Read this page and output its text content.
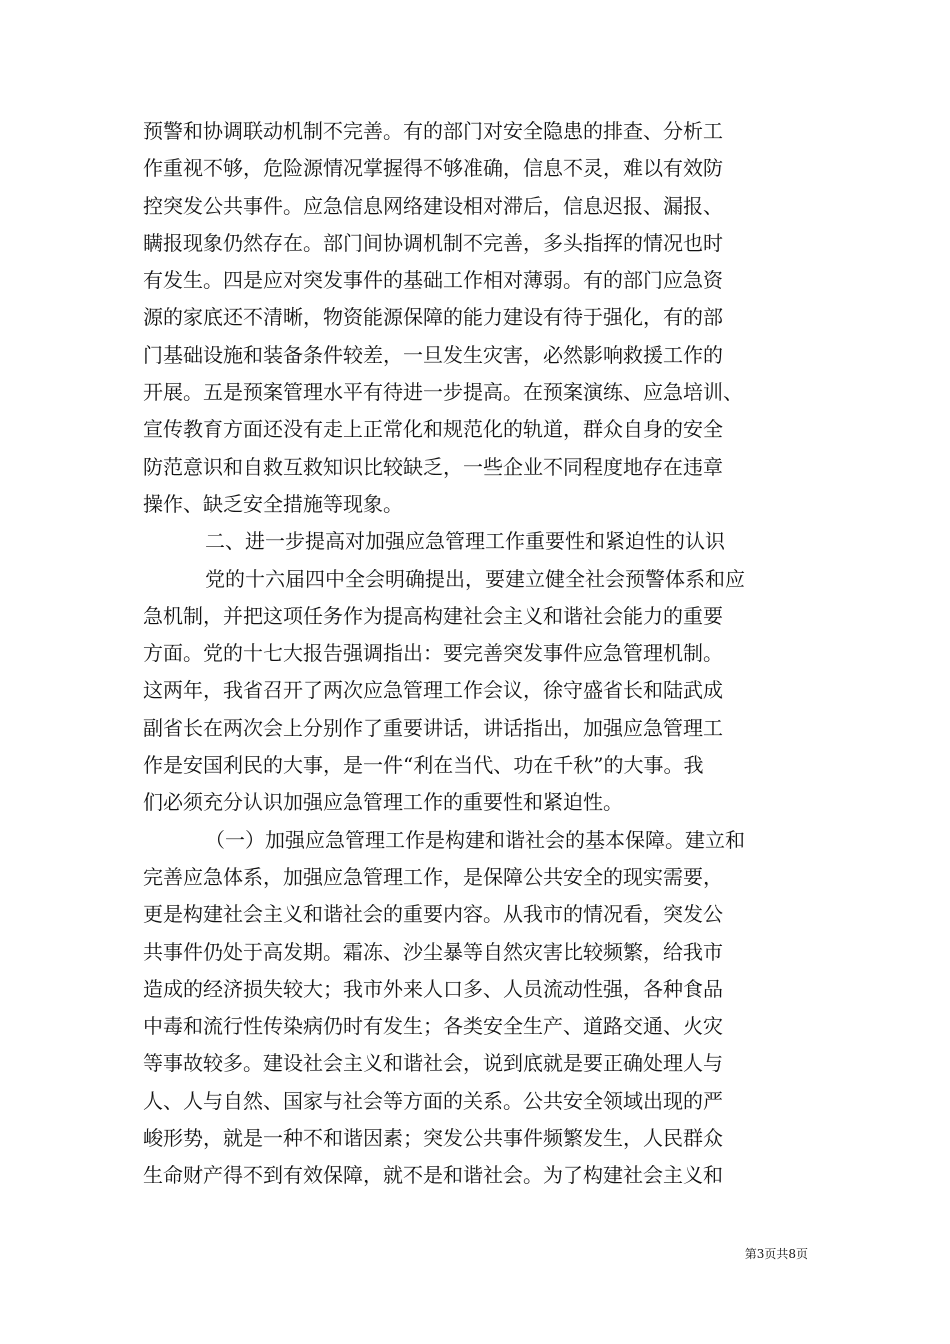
预警和协调联动机制不完善。有的部门对安全隐患的排查、分析工
作重视不够，危险源情况掌握得不够准确，信息不灵，难以有效防
控突发公共事件。应急信息网络建设相对滞后，信息迟报、漏报、
瞒报现象仍然存在。部门间协调机制不完善，多头指挥的情况也时
有发生。四是应对突发事件的基础工作相对薄弱。有的部门应急资
源的家底还不清晰，物资能源保障的能力建设有待于强化，有的部
门基础设施和装备条件较差，一旦发生灾害，必然影响救援工作的
开展。五是预案管理水平有待进一步提高。在预案演练、应急培训、
宣传教育方面还没有走上正常化和规范化的轨道，群众自身的安全
防范意识和自救互救知识比较缺乏，一些企业不同程度地存在违章
操作、缺乏安全措施等现象。
二、进一步提高对加强应急管理工作重要性和紧迫性的认识
党的十六届四中全会明确提出，要建立健全社会预警体系和应
急机制，并把这项任务作为提高构建社会主义和谐社会能力的重要
方面。党的十七大报告强调指出：要完善突发事件应急管理机制。
这两年，我省召开了两次应急管理工作会议，徐守盛省长和陆武成
副省长在两次会上分别作了重要讲话，讲话指出，加强应急管理工
作是安国利民的大事，是一件“利在当代、功在千秋”的大事。我
们必须充分认识加强应急管理工作的重要性和紧迫性。
（一）加强应急管理工作是构建和谐社会的基本保障。建立和
完善应急体系，加强应急管理工作，是保障公共安全的现实需要，
更是构建社会主义和谐社会的重要内容。从我市的情况看，突发公
共事件仍处于高发期。霜冻、沙尘暴等自然灾害比较频繁，给我市
造成的经济损失较大；我市外来人口多、人员流动性强，各种食品
中毒和流行性传染病仍时有发生；各类安全生产、道路交通、火灾
等事故较多。建设社会主义和谐社会，说到底就是要正确处理人与
人、人与自然、国家与社会等方面的关系。公共安全领域出现的严
峻形势，就是一种不和谐因素；突发公共事件频繁发生，人民群众
生命财产得不到有效保障，就不是和谐社会。为了构建社会主义和
第3页共8页
